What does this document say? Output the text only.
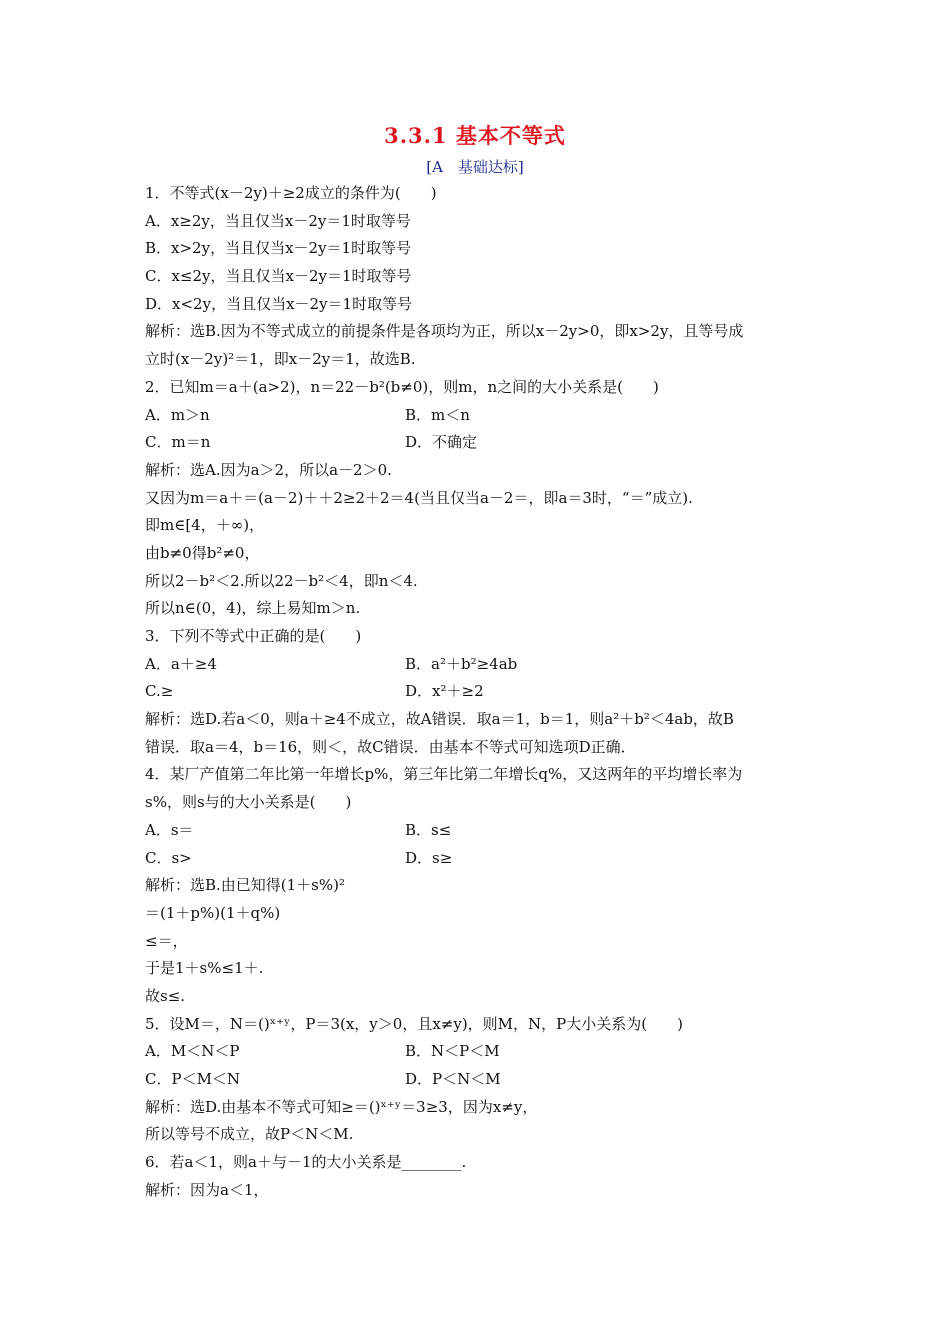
3.3.1 基本不等式
[A　基础达标]
1．不等式(x－2y)＋≥2成立的条件为(　　)
A．x≥2y，当且仅当x－2y＝1时取等号
B．x>2y，当且仅当x－2y＝1时取等号
C．x≤2y，当且仅当x－2y＝1时取等号
D．x<2y，当且仅当x－2y＝1时取等号
解析：选B.因为不等式成立的前提条件是各项均为正，所以x－2y>0，即x>2y，且等号成
立时(x－2y)²＝1，即x－2y＝1，故选B.
2．已知m＝a＋(a>2)，n＝22－b²(b≠0)，则m，n之间的大小关系是(　　)
A．m＞n	B．m＜n
C．m＝n	D．不确定
解析：选A.因为a＞2，所以a－2＞0.
又因为m＝a＋＝(a－2)＋＋2≥2＋2＝4(当且仅当a－2＝，即a＝3时，“＝”成立).
即m∈[4，＋∞)，
由b≠0得b²≠0，
所以2－b²＜2.所以22－b²＜4，即n＜4.
所以n∈(0，4)，综上易知m＞n.
3．下列不等式中正确的是(　　)
A．a＋≥4	B．a²＋b²≥4ab
C.≥	D．x²＋≥2
解析：选D.若a＜0，则a＋≥4不成立，故A错误．取a＝1，b＝1，则a²＋b²＜4ab，故B
错误．取a＝4，b＝16，则＜，故C错误．由基本不等式可知选项D正确．
4．某厂产值第二年比第一年增长p%，第三年比第二年增长q%，又这两年的平均增长率为
s%，则s与的大小关系是(　　)
A．s＝	B．s≤
C．s>	D．s≥
解析：选B.由已知得(1＋s%)²
＝(1＋p%)(1＋q%)
≤＝，
于是1＋s%≤1＋.
故s≤.
5．设M＝，N＝()ˣ⁺ʸ，P＝3(x，y＞0，且x≠y)，则M，N，P大小关系为(　　)
A．M＜N＜P	B．N＜P＜M
C．P＜M＜N	D．P＜N＜M
解析：选D.由基本不等式可知≥＝()ˣ⁺ʸ＝3≥3，因为x≠y，
所以等号不成立，故P＜N＜M.
6．若a＜1，则a＋与－1的大小关系是________.
解析：因为a＜1，
